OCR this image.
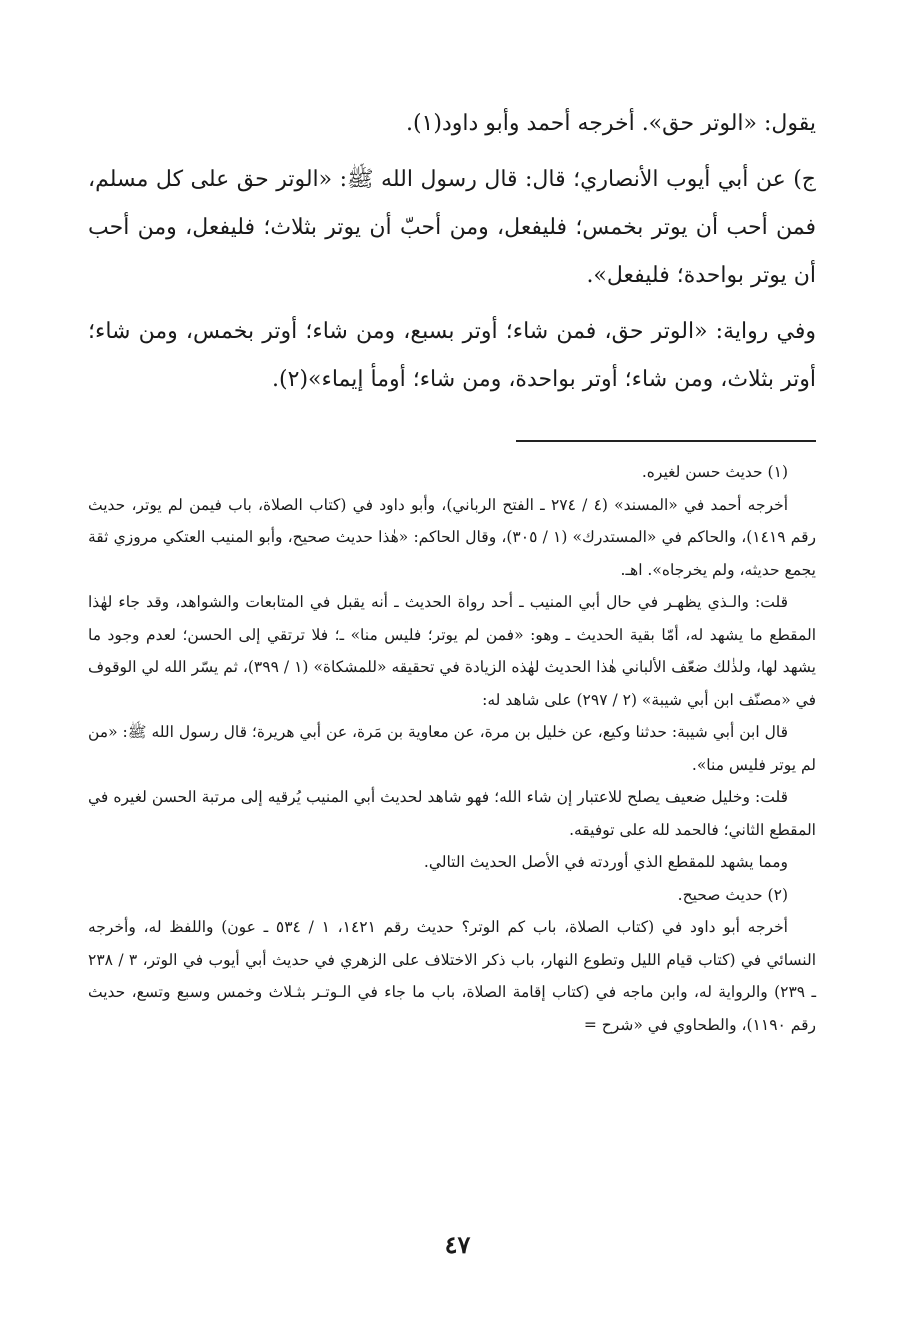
يقول: «الوتر حق». أخرجه أحمد وأبو داود(١).

ج) عن أبي أيوب الأنصاري؛ قال: قال رسول الله ﷺ: «الوتر حق على كل مسلم، فمن أحب أن يوتر بخمس؛ فليفعل، ومن أحبّ أن يوتر بثلاث؛ فليفعل، ومن أحب أن يوتر بواحدة؛ فليفعل».

وفي رواية: «الوتر حق، فمن شاء؛ أوتر بسبع، ومن شاء؛ أوتر بخمس، ومن شاء؛ أوتر بثلاث، ومن شاء؛ أوتر بواحدة، ومن شاء؛ أومأ إيماء»(٢).

(١) حديث حسن لغيره.

أخرجه أحمد في «المسند» (٤ / ٢٧٤ ـ الفتح الرباني)، وأبو داود في (كتاب الصلاة، باب فيمن لم يوتر، حديث رقم ١٤١٩)، والحاكم في «المستدرك» (١ / ٣٠٥)، وقال الحاكم: «هٰذا حديث صحيح، وأبو المنيب العتكي مروزي ثقة يجمع حديثه، ولم يخرجاه». اهـ.

قلت: والـذي يظهـر في حال أبي المنيب ـ أحد رواة الحديث ـ أنه يقبل في المتابعات والشواهد، وقد جاء لهٰذا المقطع ما يشهد له، أمّا بقية الحديث ـ وهو: «فمن لم يوتر؛ فليس منا» ـ؛ فلا ترتقي إلى الحسن؛ لعدم وجود ما يشهد لها، ولذٰلك ضعّف الألباني هٰذا الحديث لهٰذه الزيادة في تحقيقه «للمشكاة» (١ / ٣٩٩)، ثم يسّر الله لي الوقوف في «مصنّف ابن أبي شيبة» (٢ / ٢٩٧) على شاهد له:

قال ابن أبي شيبة: حدثنا وكيع، عن خليل بن مرة، عن معاوية بن مَرة، عن أبي هريرة؛ قال رسول الله ﷺ: «من لم يوتر فليس منا».

قلت: وخليل ضعيف يصلح للاعتبار إن شاء الله؛ فهو شاهد لحديث أبي المنيب يُرقيه إلى مرتبة الحسن لغيره في المقطع الثاني؛ فالحمد لله على توفيقه.

ومما يشهد للمقطع الذي أوردته في الأصل الحديث التالي.

(٢) حديث صحيح.

أخرجه أبو داود في (كتاب الصلاة، باب كم الوتر؟ حديث رقم ١٤٢١، ١ / ٥٣٤ ـ عون) واللفظ له، وأخرجه النسائي في (كتاب قيام الليل وتطوع النهار، باب ذكر الاختلاف على الزهري في حديث أبي أيوب في الوتر، ٣ / ٢٣٨ ـ ٢٣٩) والرواية له، وابن ماجه في (كتاب إقامة الصلاة، باب ما جاء في الـوتـر بثـلاث وخمس وسبع وتسع، حديث رقم ١١٩٠)، والطحاوي في «شرح =

٤٧
